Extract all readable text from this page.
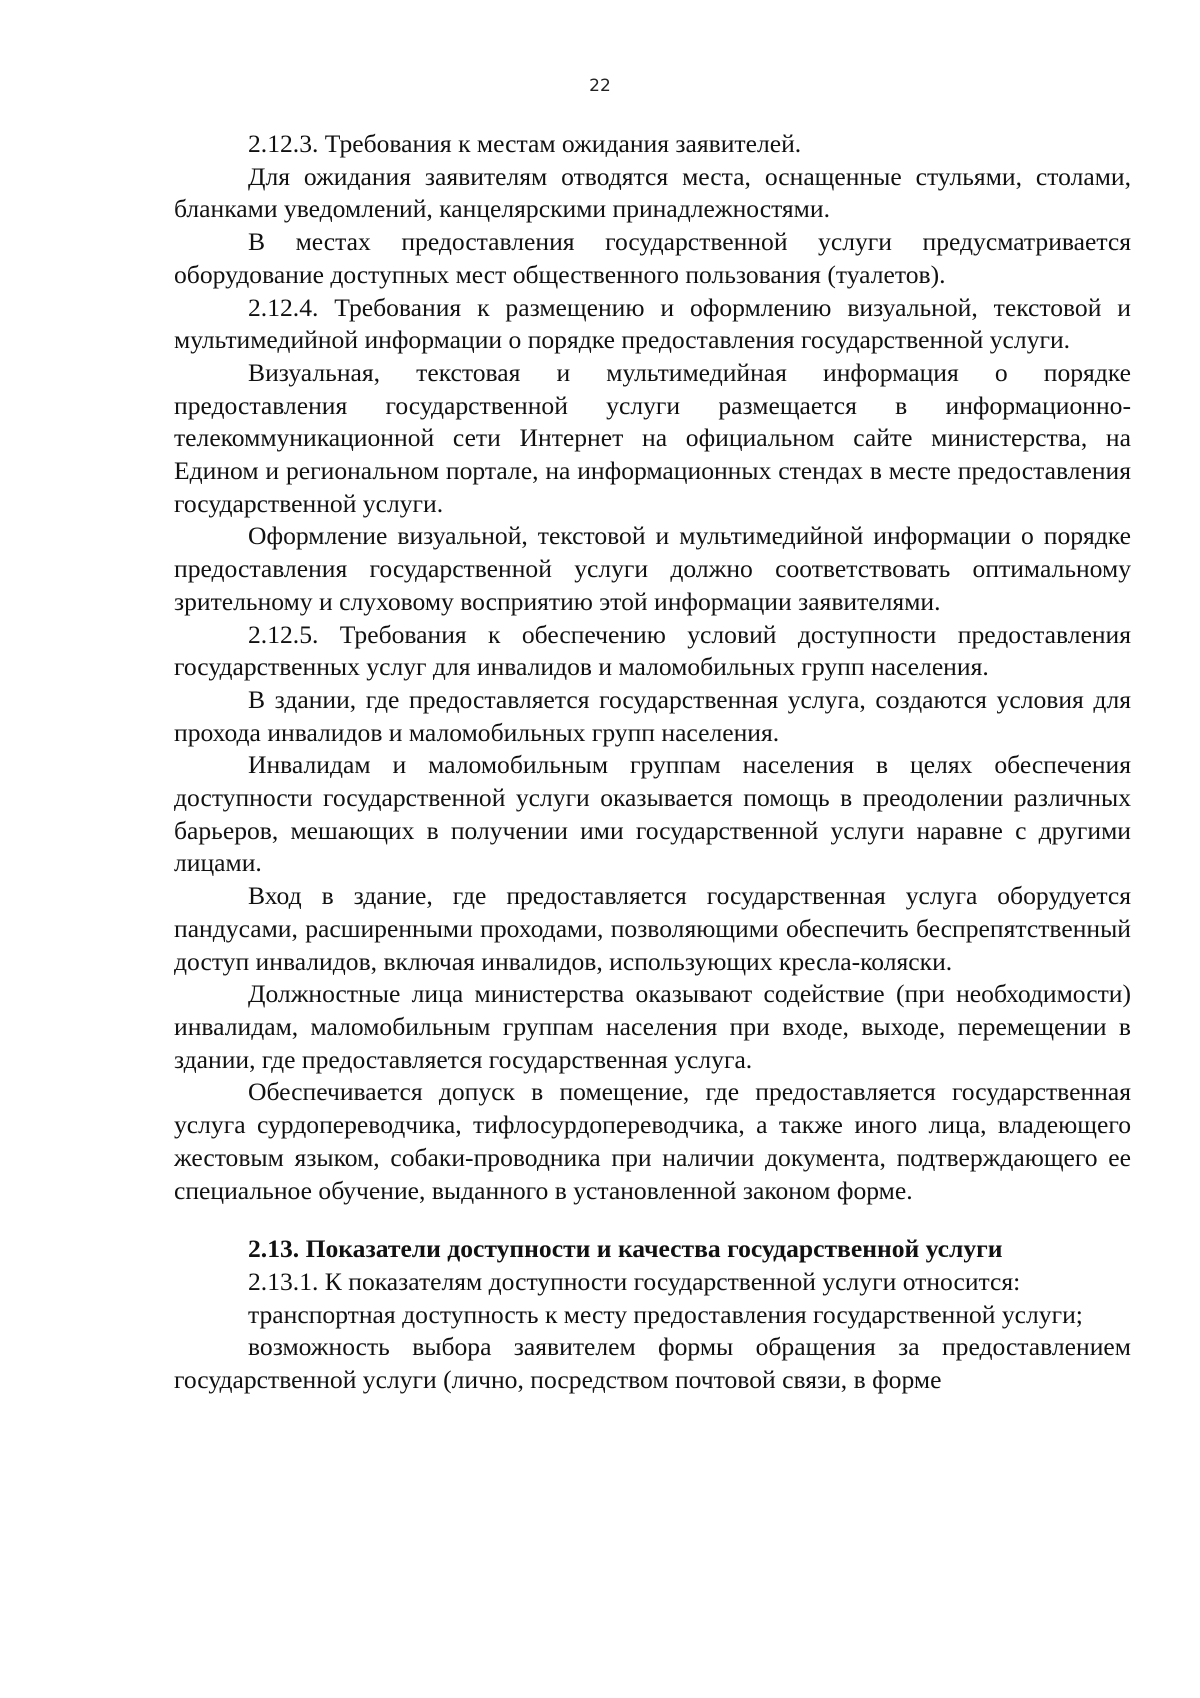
22

2.12.3. Требования к местам ожидания заявителей.

Для ожидания заявителям отводятся места, оснащенные стульями, столами, бланками уведомлений, канцелярскими принадлежностями.

В местах предоставления государственной услуги предусматривается оборудование доступных мест общественного пользования (туалетов).

2.12.4. Требования к размещению и оформлению визуальной, текстовой и мультимедийной информации о порядке предоставления государственной услуги.

Визуальная, текстовая и мультимедийная информация о порядке предоставления государственной услуги размещается в информационно-телекоммуникационной сети Интернет на официальном сайте министерства, на Едином и региональном портале, на информационных стендах в месте предоставления государственной услуги.

Оформление визуальной, текстовой и мультимедийной информации о порядке предоставления государственной услуги должно соответствовать оптимальному зрительному и слуховому восприятию этой информации заявителями.

2.12.5. Требования к обеспечению условий доступности предоставления государственных услуг для инвалидов и маломобильных групп населения.

В здании, где предоставляется государственная услуга, создаются условия для прохода инвалидов и маломобильных групп населения.

Инвалидам и маломобильным группам населения в целях обеспечения доступности государственной услуги оказывается помощь в преодолении различных барьеров, мешающих в получении ими государственной услуги наравне с другими лицами.

Вход в здание, где предоставляется государственная услуга оборудуется пандусами, расширенными проходами, позволяющими обеспечить беспрепятственный доступ инвалидов, включая инвалидов, использующих кресла-коляски.

Должностные лица министерства оказывают содействие (при необходимости) инвалидам, маломобильным группам населения при входе, выходе, перемещении в здании, где предоставляется государственная услуга.

Обеспечивается допуск в помещение, где предоставляется государственная услуга сурдопереводчика, тифлосурдопереводчика, а также иного лица, владеющего жестовым языком, собаки-проводника при наличии документа, подтверждающего ее специальное обучение, выданного в установленной законом форме.

2.13. Показатели доступности и качества государственной услуги

2.13.1. К показателям доступности государственной услуги относится:

транспортная доступность к месту предоставления государственной услуги;

возможность выбора заявителем формы обращения за предоставлением государственной услуги (лично, посредством почтовой связи, в форме
